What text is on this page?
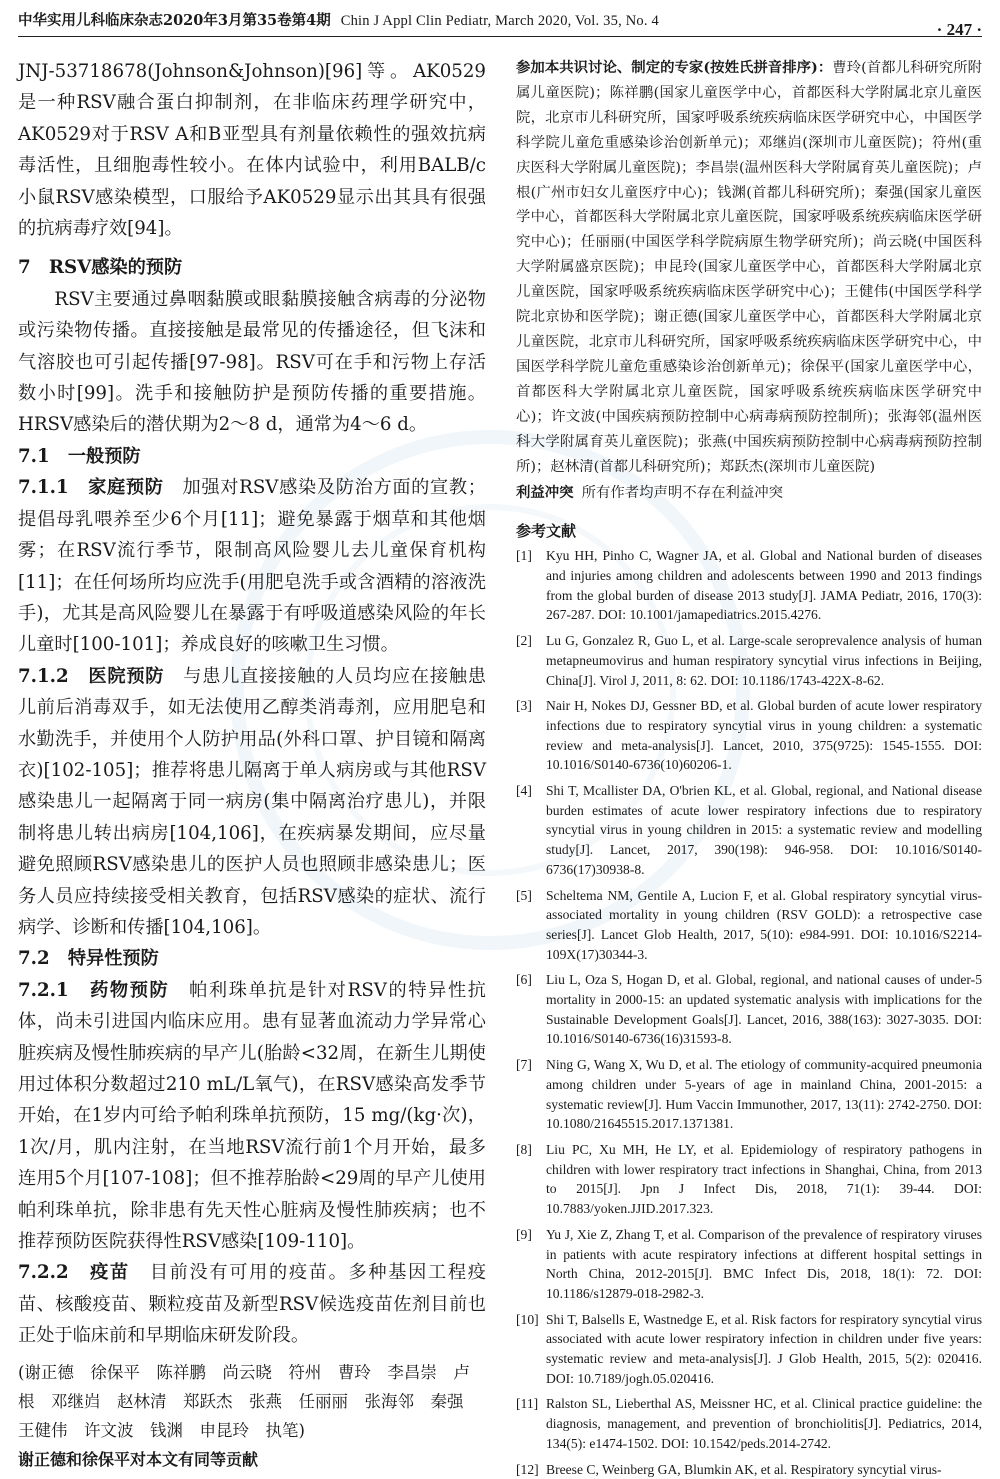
中华实用儿科临床杂志2020年3月第35卷第4期 Chin J Appl Clin Pediatr, March 2020, Vol. 35, No. 4	· 247 ·

JNJ-53718678(Johnson&Johnson)[96]等。AK0529是一种RSV融合蛋白抑制剂，在非临床药理学研究中，AK0529对于RSV A和B亚型具有剂量依赖性的强效抗病毒活性，且细胞毒性较小。在体内试验中，利用BALB/c小鼠RSV感染模型，口服给予AK0529显示出其具有很强的抗病毒疗效[94]。

7　RSV感染的预防

RSV主要通过鼻咽黏膜或眼黏膜接触含病毒的分泌物或污染物传播。直接接触是最常见的传播途径，但飞沫和气溶胶也可引起传播[97-98]。RSV可在手和污物上存活数小时[99]。洗手和接触防护是预防传播的重要措施。HRSV感染后的潜伏期为2～8 d，通常为4～6 d。

7.1　一般预防

7.1.1　家庭预防　 加强对RSV感染及防治方面的宣教；提倡母乳喂养至少6个月[11]；避免暴露于烟草和其他烟雾；在RSV流行季节，限制高风险婴儿去儿童保育机构[11]；在任何场所均应洗手(用肥皂洗手或含酒精的溶液洗手)，尤其是高风险婴儿在暴露于有呼吸道感染风险的年长儿童时[100-101]；养成良好的咳嗽卫生习惯。

7.1.2　医院预防　 与患儿直接接触的人员均应在接触患儿前后消毒双手，如无法使用乙醇类消毒剂，应用肥皂和水勤洗手，并使用个人防护用品(外科口罩、护目镜和隔离衣)[102-105]；推荐将患儿隔离于单人病房或与其他RSV感染患儿一起隔离于同一病房(集中隔离治疗患儿)，并限制将患儿转出病房[104,106]，在疾病暴发期间，应尽量避免照顾RSV感染患儿的医护人员也照顾非感染患儿；医务人员应持续接受相关教育，包括RSV感染的症状、流行病学、诊断和传播[104,106]。

7.2　特异性预防

7.2.1　药物预防　 帕利珠单抗是针对RSV的特异性抗体，尚未引进国内临床应用。患有显著血流动力学异常心脏疾病及慢性肺疾病的早产儿(胎龄<32周，在新生儿期使用过体积分数超过210 mL/L氧气)，在RSV感染高发季节开始，在1岁内可给予帕利珠单抗预防，15 mg/(kg·次)，1次/月，肌内注射，在当地RSV流行前1个月开始，最多连用5个月[107-108]；但不推荐胎龄<29周的早产儿使用帕利珠单抗，除非患有先天性心脏病及慢性肺疾病；也不推荐预防医院获得性RSV感染[109-110]。

7.2.2　疫苗　 目前没有可用的疫苗。多种基因工程疫苗、核酸疫苗、颗粒疫苗及新型RSV候选疫苗佐剂目前也正处于临床前和早期临床研发阶段。

(谢正德　徐保平　陈祥鹏　尚云晓　符州　曹玲　李昌崇　卢根　邓继岿　赵林清　郑跃杰　张燕　任丽丽　张海邻　秦强　王健伟　许文波　钱渊　申昆玲　执笔)

谢正德和徐保平对本文有同等贡献

参加本共识讨论、制定的专家(按姓氏拼音排序)：曹玲(首都儿科研究所附属儿童医院)；陈祥鹏(国家儿童医学中心，首都医科大学附属北京儿童医院，北京市儿科研究所，国家呼吸系统疾病临床医学研究中心，中国医学科学院儿童危重感染诊治创新单元)；邓继岿(深圳市儿童医院)；符州(重庆医科大学附属儿童医院)；李昌崇(温州医科大学附属育英儿童医院)；卢根(广州市妇女儿童医疗中心)；钱渊(首都儿科研究所)；秦强(国家儿童医学中心，首都医科大学附属北京儿童医院，国家呼吸系统疾病临床医学研究中心)；任丽丽(中国医学科学院病原生物学研究所)；尚云晓(中国医科大学附属盛京医院)；申昆玲(国家儿童医学中心，首都医科大学附属北京儿童医院，国家呼吸系统疾病临床医学研究中心)；王健伟(中国医学科学院北京协和医学院)；谢正德(国家儿童医学中心，首都医科大学附属北京儿童医院，北京市儿科研究所，国家呼吸系统疾病临床医学研究中心，中国医学科学院儿童危重感染诊治创新单元)；徐保平(国家儿童医学中心，首都医科大学附属北京儿童医院，国家呼吸系统疾病临床医学研究中心)；许文波(中国疾病预防控制中心病毒病预防控制所)；张海邻(温州医科大学附属育英儿童医院)；张燕(中国疾病预防控制中心病毒病预防控制所)；赵林清(首都儿科研究所)；郑跃杰(深圳市儿童医院)

利益冲突 所有作者均声明不存在利益冲突

参考文献
[1] Kyu HH, Pinho C, Wagner JA, et al. Global and National burden of diseases and injuries among children and adolescents between 1990 and 2013 findings from the global burden of disease 2013 study[J]. JAMA Pediatr, 2016, 170(3): 267-287. DOI: 10.1001/jamapediatrics.2015.4276.
[2] Lu G, Gonzalez R, Guo L, et al. Large-scale seroprevalence analysis of human metapneumovirus and human respiratory syncytial virus infections in Beijing, China[J]. Virol J, 2011, 8: 62. DOI: 10.1186/1743-422X-8-62.
[3] Nair H, Nokes DJ, Gessner BD, et al. Global burden of acute lower respiratory infections due to respiratory syncytial virus in young children: a systematic review and meta-analysis[J]. Lancet, 2010, 375(9725): 1545-1555. DOI: 10.1016/S0140-6736(10)60206-1.
[4] Shi T, Mcallister DA, O'brien KL, et al. Global, regional, and National disease burden estimates of acute lower respiratory infections due to respiratory syncytial virus in young children in 2015: a systematic review and modelling study[J]. Lancet, 2017, 390(198): 946-958. DOI: 10.1016/S0140-6736(17)30938-8.
[5] Scheltema NM, Gentile A, Lucion F, et al. Global respiratory syncytial virus-associated mortality in young children (RSV GOLD): a retrospective case series[J]. Lancet Glob Health, 2017, 5(10): e984-991. DOI: 10.1016/S2214-109X(17)30344-3.
[6] Liu L, Oza S, Hogan D, et al. Global, regional, and national causes of under-5 mortality in 2000-15: an updated systematic analysis with implications for the Sustainable Development Goals[J]. Lancet, 2016, 388(163): 3027-3035. DOI: 10.1016/S0140-6736(16)31593-8.
[7] Ning G, Wang X, Wu D, et al. The etiology of community-acquired pneumonia among children under 5-years of age in mainland China, 2001-2015: a systematic review[J]. Hum Vaccin Immunother, 2017, 13(11): 2742-2750. DOI: 10.1080/21645515.2017.1371381.
[8] Liu PC, Xu MH, He LY, et al. Epidemiology of respiratory pathogens in children with lower respiratory tract infections in Shanghai, China, from 2013 to 2015[J]. Jpn J Infect Dis, 2018, 71(1): 39-44. DOI: 10.7883/yoken.JJID.2017.323.
[9] Yu J, Xie Z, Zhang T, et al. Comparison of the prevalence of respiratory viruses in patients with acute respiratory infections at different hospital settings in North China, 2012-2015[J]. BMC Infect Dis, 2018, 18(1): 72. DOI: 10.1186/s12879-018-2982-3.
[10] Shi T, Balsells E, Wastnedge E, et al. Risk factors for respiratory syncytial virus associated with acute lower respiratory infection in children under five years: systematic review and meta-analysis[J]. J Glob Health, 2015, 5(2): 020416. DOI: 10.7189/jogh.05.020416.
[11] Ralston SL, Lieberthal AS, Meissner HC, et al. Clinical practice guideline: the diagnosis, management, and prevention of bronchiolitis[J]. Pediatrics, 2014, 134(5): e1474-1502. DOI: 10.1542/peds.2014-2742.
[12] Breese C, Weinberg GA, Blumkin AK, et al. Respiratory syncytial virus-
